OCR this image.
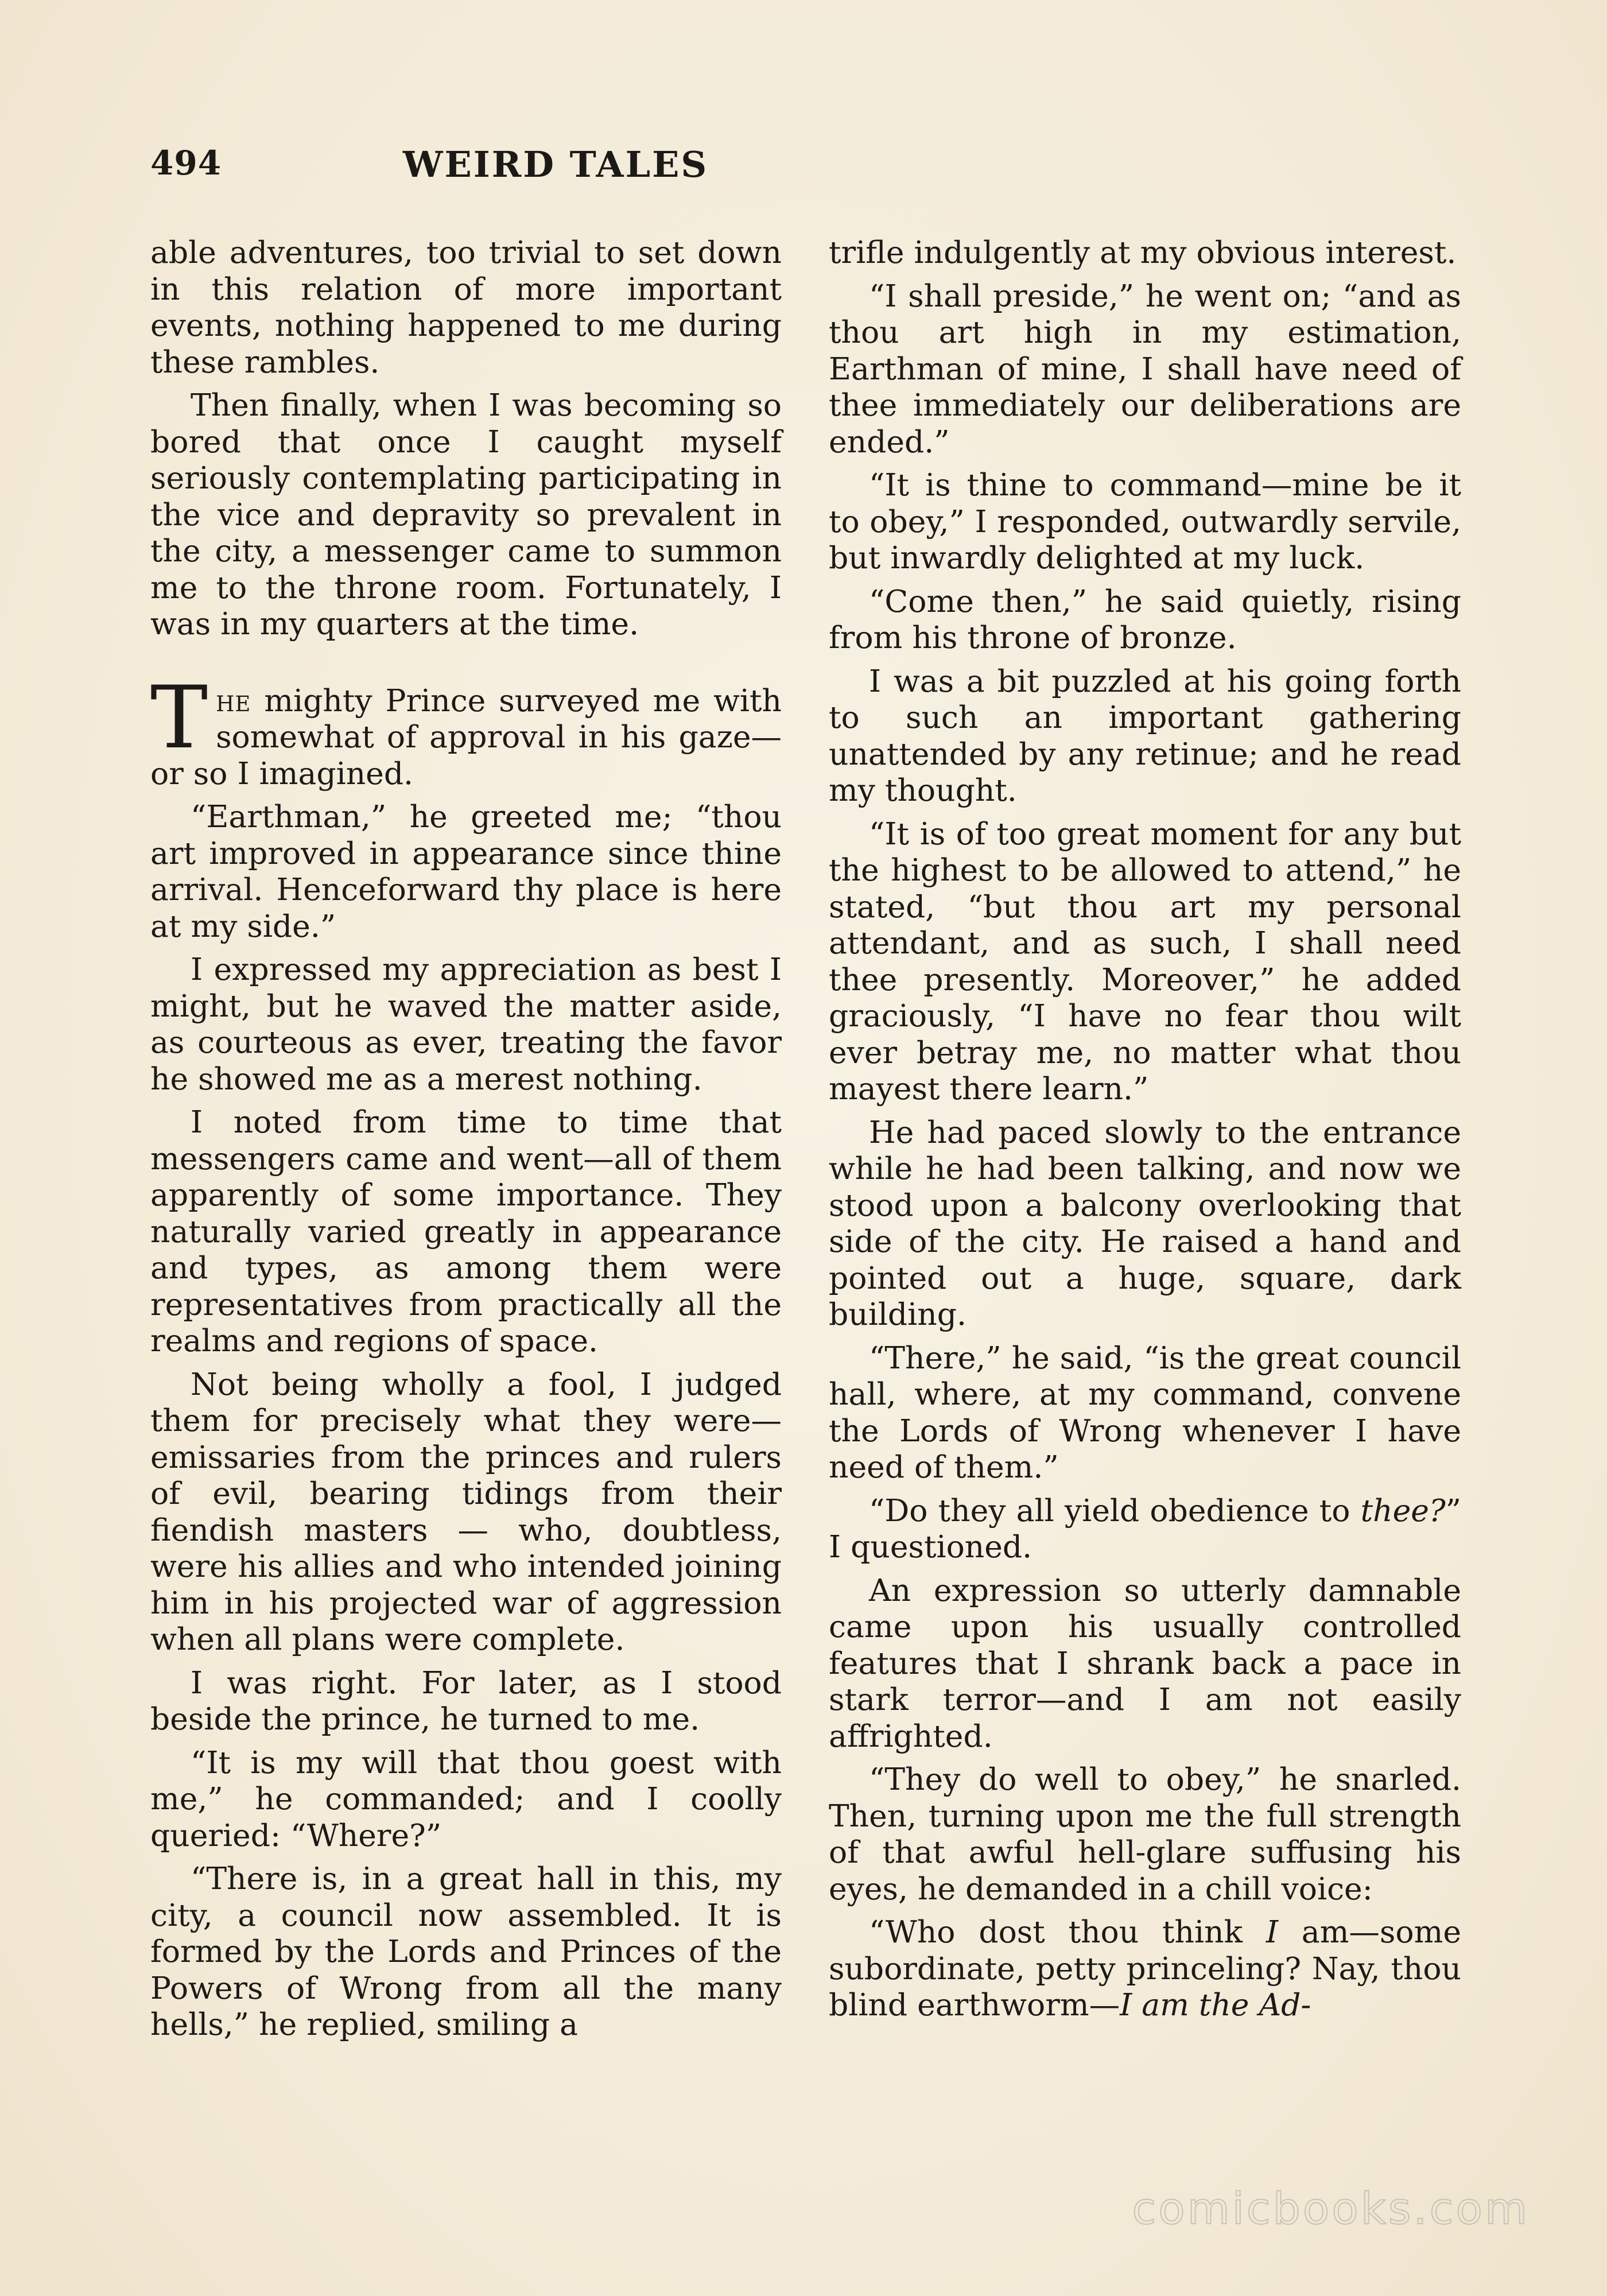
494	WEIRD TALES

able adventures, too trivial to set down in this relation of more important events, nothing happened to me during these rambles.

Then finally, when I was becoming so bored that once I caught myself seriously contemplating participating in the vice and depravity so prevalent in the city, a messenger came to summon me to the throne room. Fortunately, I was in my quarters at the time.

The mighty Prince surveyed me with somewhat of approval in his gaze—or so I imagined.

“Earthman,” he greeted me; “thou art improved in appearance since thine arrival. Henceforward thy place is here at my side.”

I expressed my appreciation as best I might, but he waved the matter aside, as courteous as ever, treating the favor he showed me as a merest nothing.

I noted from time to time that messengers came and went—all of them apparently of some importance. They naturally varied greatly in appearance and types, as among them were representatives from practically all the realms and regions of space.

Not being wholly a fool, I judged them for precisely what they were—emissaries from the princes and rulers of evil, bearing tidings from their fiendish masters — who, doubtless, were his allies and who intended joining him in his projected war of aggression when all plans were complete.

I was right. For later, as I stood beside the prince, he turned to me.

“It is my will that thou goest with me,” he commanded; and I coolly queried: “Where?”

“There is, in a great hall in this, my city, a council now assembled. It is formed by the Lords and Princes of the Powers of Wrong from all the many hells,” he replied, smiling a

trifle indulgently at my obvious interest.

“I shall preside,” he went on; “and as thou art high in my estimation, Earthman of mine, I shall have need of thee immediately our deliberations are ended.”

“It is thine to command—mine be it to obey,” I responded, outwardly servile, but inwardly delighted at my luck.

“Come then,” he said quietly, rising from his throne of bronze.

I was a bit puzzled at his going forth to such an important gathering unattended by any retinue; and he read my thought.

“It is of too great moment for any but the highest to be allowed to attend,” he stated, “but thou art my personal attendant, and as such, I shall need thee presently. Moreover,” he added graciously, “I have no fear thou wilt ever betray me, no matter what thou mayest there learn.”

He had paced slowly to the entrance while he had been talking, and now we stood upon a balcony overlooking that side of the city. He raised a hand and pointed out a huge, square, dark building.

“There,” he said, “is the great council hall, where, at my command, convene the Lords of Wrong whenever I have need of them.”

“Do they all yield obedience to thee?” I questioned.

An expression so utterly damnable came upon his usually controlled features that I shrank back a pace in stark terror—and I am not easily affrighted.

“They do well to obey,” he snarled. Then, turning upon me the full strength of that awful hell-glare suffusing his eyes, he demanded in a chill voice:

“Who dost thou think I am—some subordinate, petty princeling? Nay, thou blind earthworm—I am the Ad-

comicbooks.com
